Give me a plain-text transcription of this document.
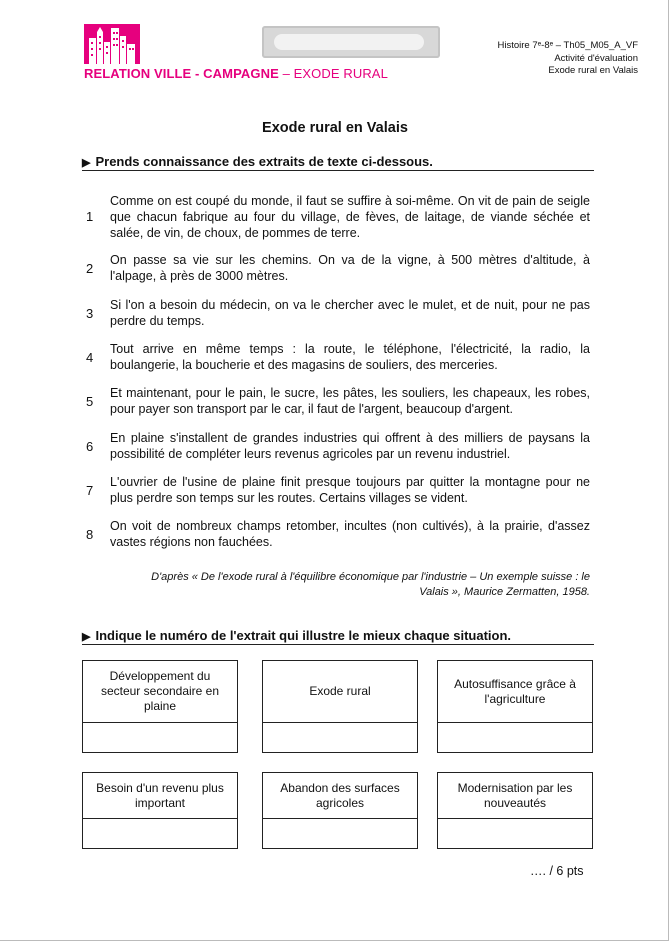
RELATION VILLE - CAMPAGNE – EXODE RURAL
Histoire 7ᵉ-8ᵉ – Th05_M05_A_VF
Activité d'évaluation
Exode rural en Valais
Exode rural en Valais
▶ Prends connaissance des extraits de texte ci-dessous.
1
Comme on est coupé du monde, il faut se suffire à soi-même. On vit de pain de seigle que chacun fabrique au four du village, de fèves, de laitage, de viande séchée et salée, de vin, de choux, de pommes de terre.
2
On passe sa vie sur les chemins. On va de la vigne, à 500 mètres d'altitude, à l'alpage, à près de 3000 mètres.
3
Si l'on a besoin du médecin, on va le chercher avec le mulet, et de nuit, pour ne pas perdre du temps.
4
Tout arrive en même temps : la route, le téléphone, l'électricité, la radio, la boulangerie, la boucherie et des magasins de souliers, des merceries.
5
Et maintenant, pour le pain, le sucre, les pâtes, les souliers, les chapeaux, les robes, pour payer son transport par le car, il faut de l'argent, beaucoup d'argent.
6
En plaine s'installent de grandes industries qui offrent à des milliers de paysans la possibilité de compléter leurs revenus agricoles par un revenu industriel.
7
L'ouvrier de l'usine de plaine finit presque toujours par quitter la montagne pour ne plus perdre son temps sur les routes. Certains villages se vident.
8
On voit de nombreux champs retomber, incultes (non cultivés), à la prairie, d'assez vastes régions non fauchées.
D'après « De l'exode rural à l'équilibre économique par l'industrie – Un exemple suisse : le
Valais », Maurice Zermatten, 1958.
▶ Indique le numéro de l'extrait qui illustre le mieux chaque situation.
Développement du secteur secondaire en plaine
Exode rural
Autosuffisance grâce à l'agriculture
Besoin d'un revenu plus important
Abandon des surfaces agricoles
Modernisation par les nouveautés
…. / 6 pts
